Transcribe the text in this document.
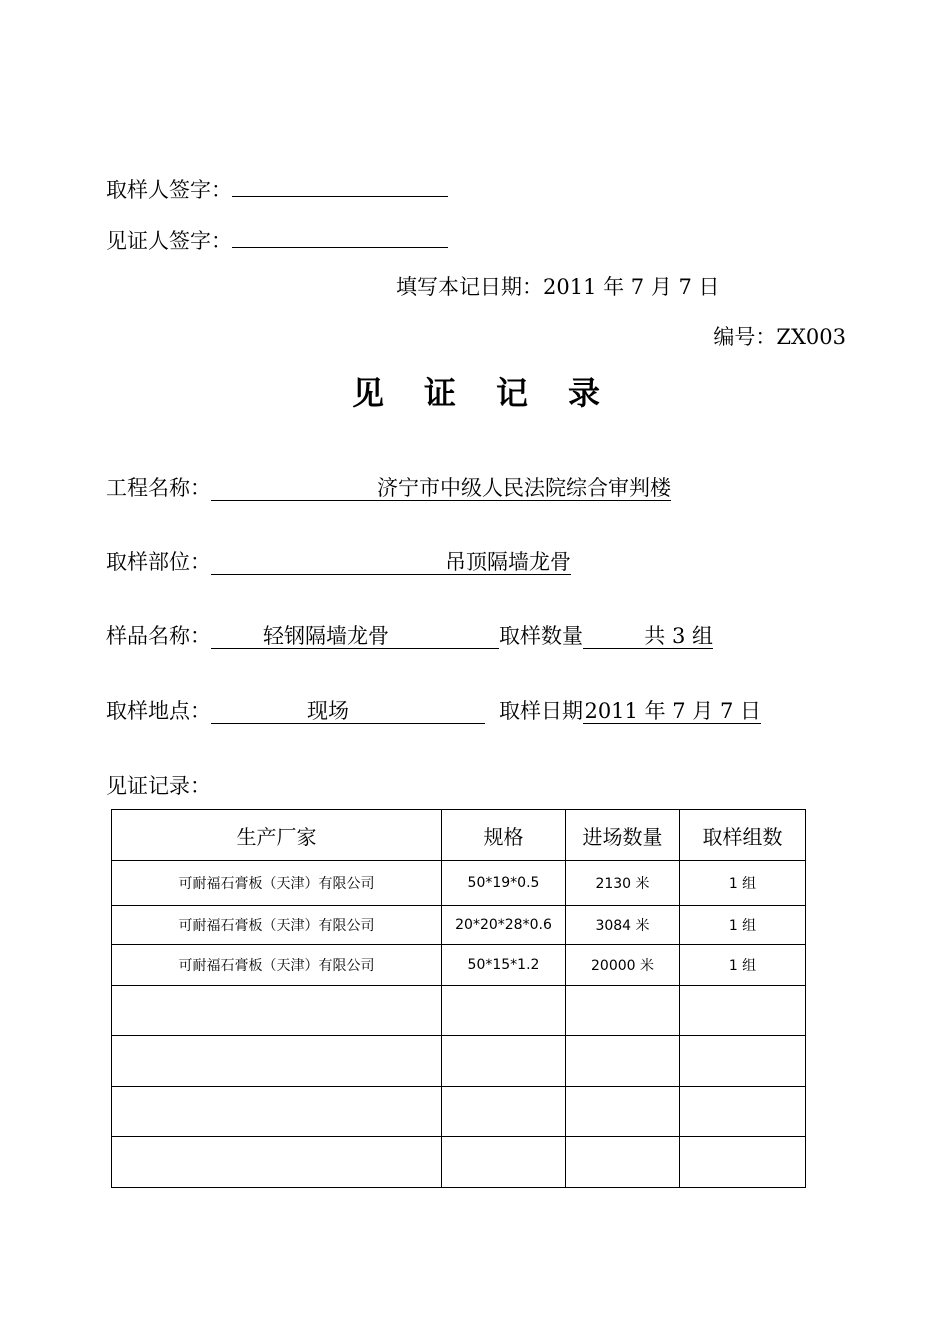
取样人签字：
见证人签字：
填写本记日期：2011 年 7 月 7 日
编号：ZX003
见 证 记 录
工程名称：	济宁市中级人民法院综合审判楼
取样部位：	吊顶隔墙龙骨
样品名称： 轻钢隔墙龙骨	取样数量	共 3 组
取样地点：	现场	取样日期2011 年 7 月 7 日
见证记录：
生产厂家	规格	进场数量	取样组数
可耐福石膏板（天津）有限公司	50*19*0.5	2130 米	1 组
可耐福石膏板（天津）有限公司	20*20*28*0.6	3084 米	1 组
可耐福石膏板（天津）有限公司	50*15*1.2	20000 米	1 组
